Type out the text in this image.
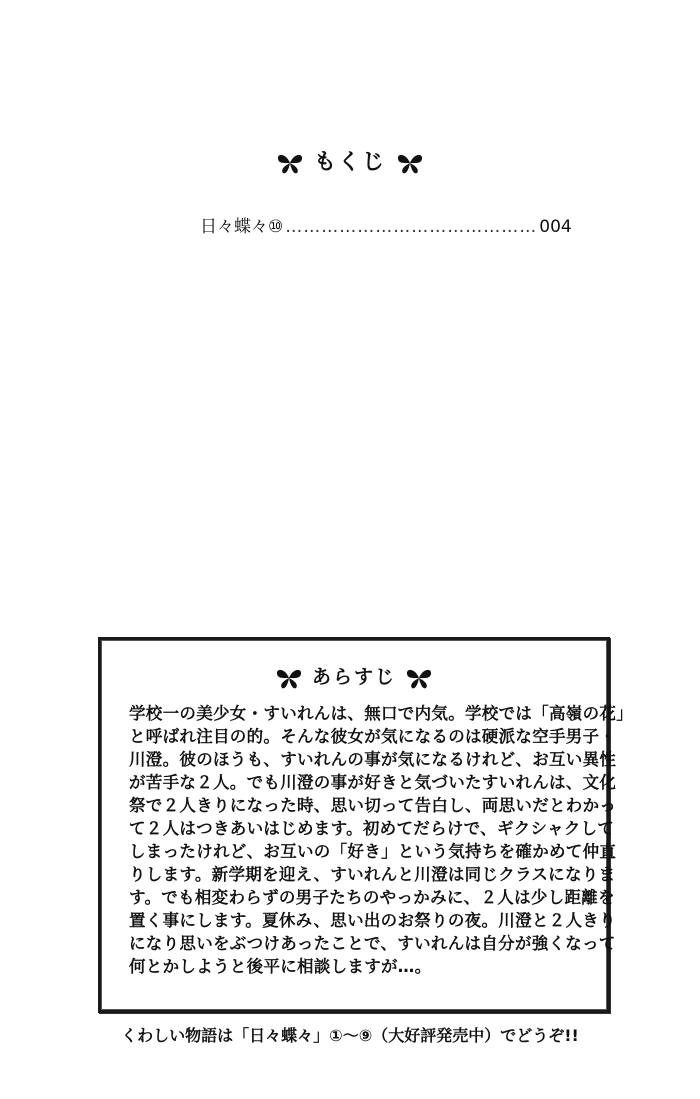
もくじ
日々蝶々⑩ …………………………………… 004
あらすじ
学校一の美少女・すいれんは、無口で内気。学校では「高嶺の花」
と呼ばれ注目の的。そんな彼女が気になるのは硬派な空手男子・
川澄。彼のほうも、すいれんの事が気になるけれど、お互い異性
が苦手な２人。でも川澄の事が好きと気づいたすいれんは、文化
祭で２人きりになった時、思い切って告白し、両思いだとわかっ
て２人はつきあいはじめます。初めてだらけで、ギクシャクして
しまったけれど、お互いの「好き」という気持ちを確かめて仲直
りします。新学期を迎え、すいれんと川澄は同じクラスになりま
す。でも相変わらずの男子たちのやっかみに、２人は少し距離を
置く事にします。夏休み、思い出のお祭りの夜。川澄と２人きり
になり思いをぶつけあったことで、すいれんは自分が強くなって
何とかしようと後平に相談しますが…。
くわしい物語は「日々蝶々」①～⑨（大好評発売中）でどうぞ!!
